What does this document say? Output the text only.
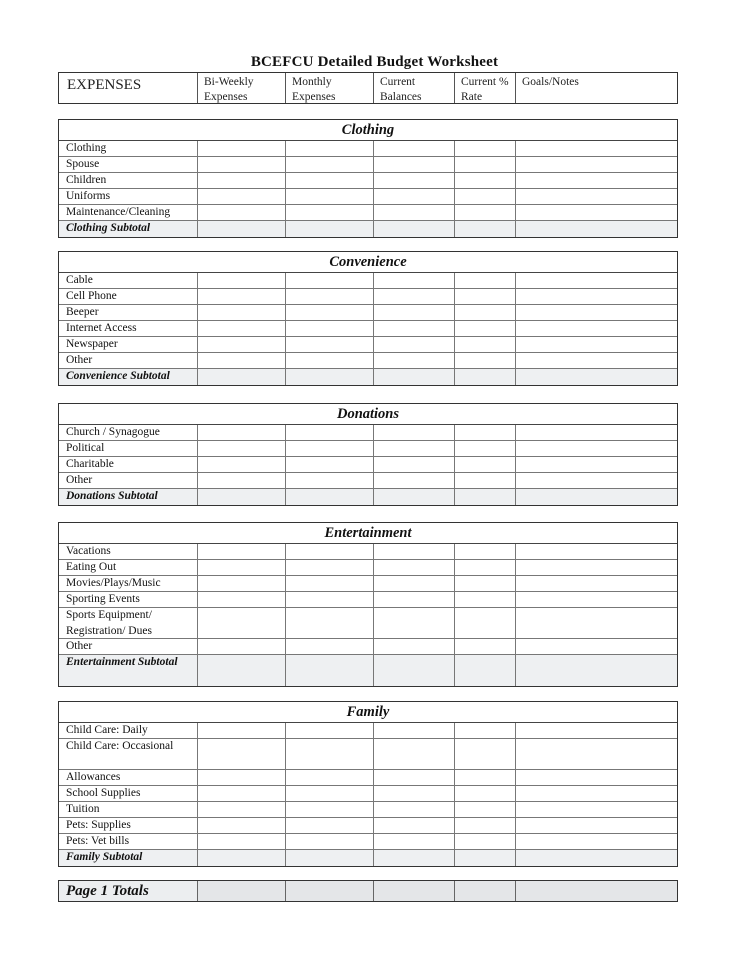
BCEFCU Detailed Budget Worksheet
EXPENSES	Bi-Weekly Expenses
Monthly Expenses
Current Balances
Current % Rate
Goals/Notes
Clothing
Clothing
Spouse
Children
Uniforms
Maintenance/Cleaning
Clothing Subtotal
Convenience
Cable
Cell Phone
Beeper
Internet Access
Newspaper
Other
Convenience Subtotal
Donations
Church / Synagogue
Political
Charitable
Other
Donations Subtotal
Entertainment
Vacations
Eating Out
Movies/Plays/Music
Sporting Events
Sports Equipment/ Registration/ Dues
Other
Entertainment Subtotal
Family
Child Care: Daily
Child Care: Occasional
Allowances
School Supplies
Tuition
Pets: Supplies
Pets: Vet bills
Family Subtotal
Page 1 Totals
